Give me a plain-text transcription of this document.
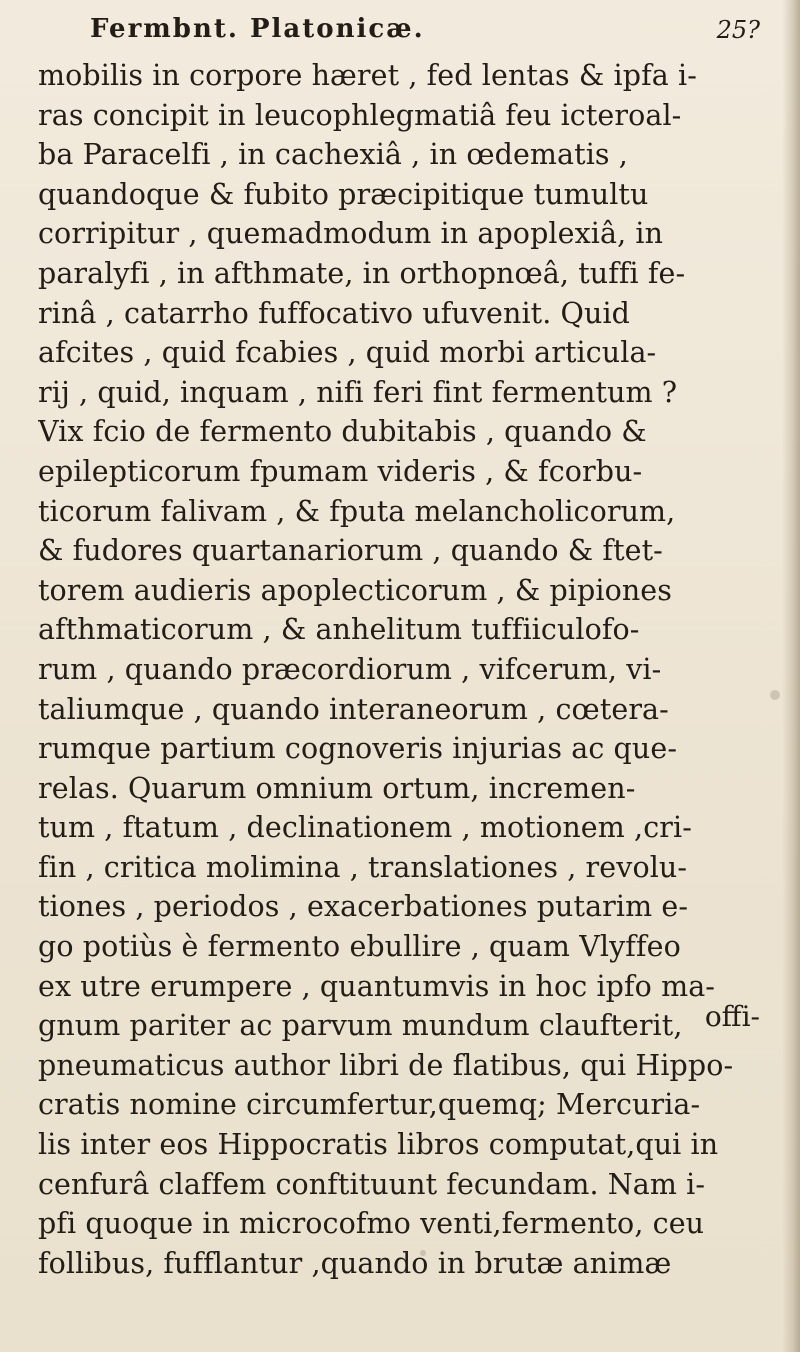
Fermbnt. Platonicæ.	25?
mobilis in corpore hæret , fed lentas & ipfa i-
ras concipit in leucophlegmatiâ feu icteroal-
ba Paracelfi , in cachexiâ , in œdematis ,
quandoque & fubito præcipitique tumultu
corripitur , quemadmodum in apoplexiâ, in
paralyfi , in afthmate, in orthopnœâ, tuffi fe-
rinâ , catarrho fuffocativo ufuvenit. Quid
afcites , quid fcabies , quid morbi articula-
rij , quid, inquam , nifi feri fint fermentum ?
Vix fcio de fermento dubitabis , quando &
epilepticorum fpumam videris , & fcorbu-
ticorum falivam , & fputa melancholicorum,
& fudores quartanariorum , quando & ftet-
torem audieris apoplecticorum , & pipiones
afthmaticorum , & anhelitum tuffiiculofo-
rum , quando præcordiorum , vifcerum, vi-
taliumque , quando interaneorum , cœtera-
rumque partium cognoveris injurias ac que-
relas. Quarum omnium ortum, incremen-
tum , ftatum , declinationem , motionem ,cri-
fin , critica molimina , translationes , revolu-
tiones , periodos , exacerbationes putarim e-
go potiùs è fermento ebullire , quam Vlyffeo
ex utre erumpere , quantumvis in hoc ipfo ma-
gnum pariter ac parvum mundum claufterit,
pneumaticus author libri de flatibus, qui Hippo-
cratis nomine circumfertur,quemq; Mercuria-
lis inter eos Hippocratis libros computat,qui in
cenfurâ claffem conftituunt fecundam. Nam i-
pfi quoque in microcofmo venti,fermento, ceu
follibus, fufflantur ,quando in brutæ animæ
offi-
